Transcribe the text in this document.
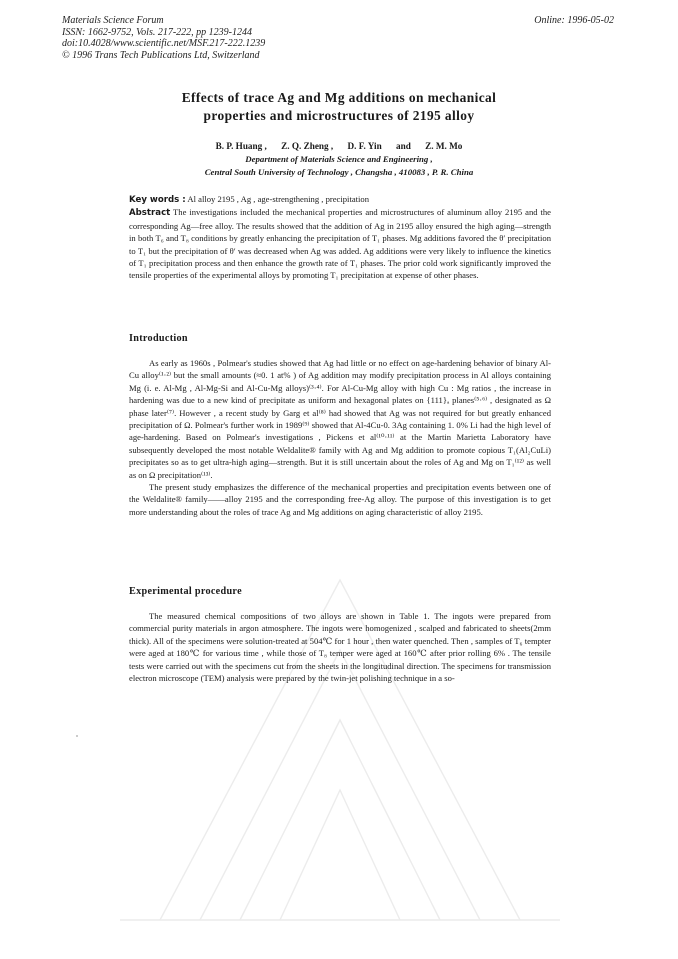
Materials Science Forum
ISSN: 1662-9752, Vols. 217-222, pp 1239-1244
doi:10.4028/www.scientific.net/MSF.217-222.1239
© 1996 Trans Tech Publications Ltd, Switzerland
Online: 1996-05-02
Effects of trace Ag and Mg additions on mechanical
properties and microstructures of 2195 alloy
B. P. Huang , Z. Q. Zheng , D. F. Yin and Z. M. Mo
Department of Materials Science and Engineering ,
Central South University of Technology , Changsha , 410083 , P. R. China

Key words : Al alloy 2195 , Ag , age-strengthening , precipitation

Abstract The investigations included the mechanical properties and microstructures of aluminum alloy 2195 and the corresponding Ag—free alloy. The results showed that the addition of Ag in 2195 alloy ensured the high aging—strength in both T₆ and T₈ conditions by greatly enhancing the precipitation of T₁ phases. Mg additions favored the θ′ precipitation to T₁ but the precipitation of θ′ was decreased when Ag was added. Ag additions were very likely to influence the kinetics of T₁ precipitation process and then enhance the growth rate of T₁ phases. The prior cold work significantly improved the tensile properties of the experimental alloys by promoting T₁ precipitation at expense of other phases.

Introduction

As early as 1960s , Polmear's studies showed that Ag had little or no effect on age-hardening behavior of binary Al-Cu alloy⁽¹·²⁾ but the small amounts (≈0. 1 at% ) of Ag addition may modify precipitation process in Al alloys containing Mg (i. e. Al-Mg , Al-Mg-Si and Al-Cu-Mg alloys)⁽³·⁴⁾. For Al-Cu-Mg alloy with high Cu : Mg ratios , the increase in hardening was due to a new kind of precipitate as uniform and hexagonal plates on {111}ₐ planes⁽⁵·⁶⁾ , designated as Ω phase later⁽⁷⁾. However , a recent study by Garg et al⁽⁸⁾ had showed that Ag was not required for but greatly enhanced precipitation of Ω. Polmear's further work in 1989⁽⁹⁾ showed that Al-4Cu-0. 3Ag containing 1. 0% Li had the high level of age-hardening. Based on Polmear's investigations , Pickens et al⁽¹⁰·¹¹⁾ at the Martin Marietta Laboratory have subsequently developed the most notable Weldalite® family with Ag and Mg addition to promote copious T₁(Al₂CuLi) precipitates so as to get ultra-high aging—strength. But it is still uncertain about the roles of Ag and Mg on T₁⁽¹²⁾ as well as on Ω precipitation⁽¹³⁾.

The present study emphasizes the difference of the mechanical properties and precipitation events between one of the Weldalite® family——alloy 2195 and the corresponding free-Ag alloy. The purpose of this investigation is to get more understanding about the roles of trace Ag and Mg additions on aging characteristic of alloy 2195.

Experimental procedure

The measured chemical compositions of two alloys are shown in Table 1. The ingots were prepared from commercial purity materials in argon atmosphere. The ingots were homogenized , scalped and fabricated to sheets(2mm thick). All of the specimens were solution-treated at 504℃ for 1 hour , then water quenched. Then , samples of T₆ tempter were aged at 180℃ for various time , while those of T₈ temper were aged at 160℃ after prior rolling 6% . The tensile tests were carried out with the specimens cut from the sheets in the longitudinal direction. The specimens for transmission electron microscope (TEM) analysis were prepared by the twin-jet polishing technique in a so-
